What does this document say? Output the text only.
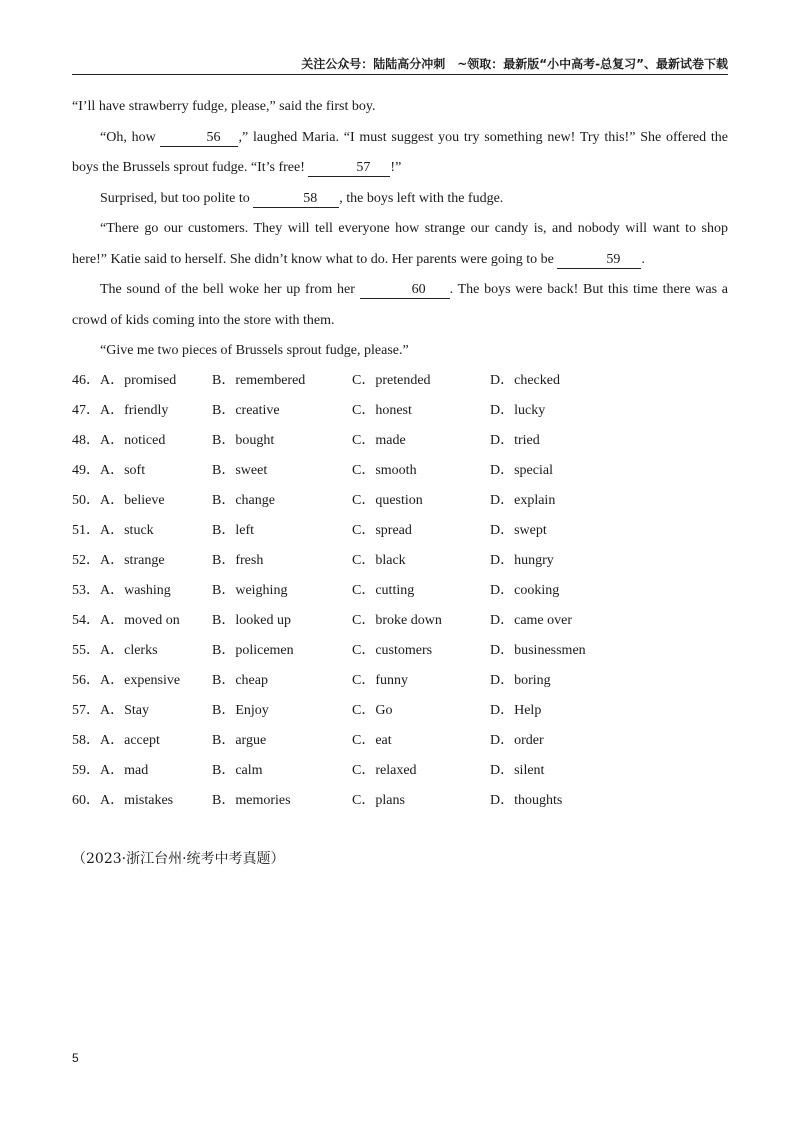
关注公众号：陆陆高分冲刺　~领取：最新版“小中高考-总复习”、最新试卷下载

“I’ll have strawberry fudge, please,” said the first boy.

“Oh, how	56 ,” laughed Maria. “I must suggest you try something new! Try this!” She offered the boys the Brussels sprout fudge. “It’s free!	57 !”

Surprised, but too polite to	58 , the boys left with the fudge.

“There go our customers. They will tell everyone how strange our candy is, and nobody will want to shop here!” Katie said to herself. She didn’t know what to do. Her parents were going to be	59 .

The sound of the bell woke her up from her	60 . The boys were back! But this time there was a crowd of kids coming into the store with them.

“Give me two pieces of Brussels sprout fudge, please.”

46． A．promised	B．remembered	C．pretended	D．checked
47． A．friendly	B．creative	C．honest	D．lucky
48． A．noticed	B．bought	C．made	D．tried
49． A．soft	B．sweet	C．smooth	D．special
50． A．believe	B．change	C．question	D．explain
51． A．stuck	B．left	C．spread	D．swept
52． A．strange	B．fresh	C．black	D．hungry
53． A．washing	B．weighing	C．cutting	D．cooking
54． A．moved on B．looked up	C．broke down	D．came over
55． A．clerks	B．policemen	C．customers	D．businessmen
56． A．expensive B．cheap	C．funny	D．boring
57． A．Stay	B．Enjoy	C．Go	D．Help
58． A．accept	B．argue	C．eat	D．order
59． A．mad	B．calm	C．relaxed	D．silent
60． A．mistakes	B．memories	C．plans	D．thoughts
（2023·浙江台州·统考中考真题）
5
